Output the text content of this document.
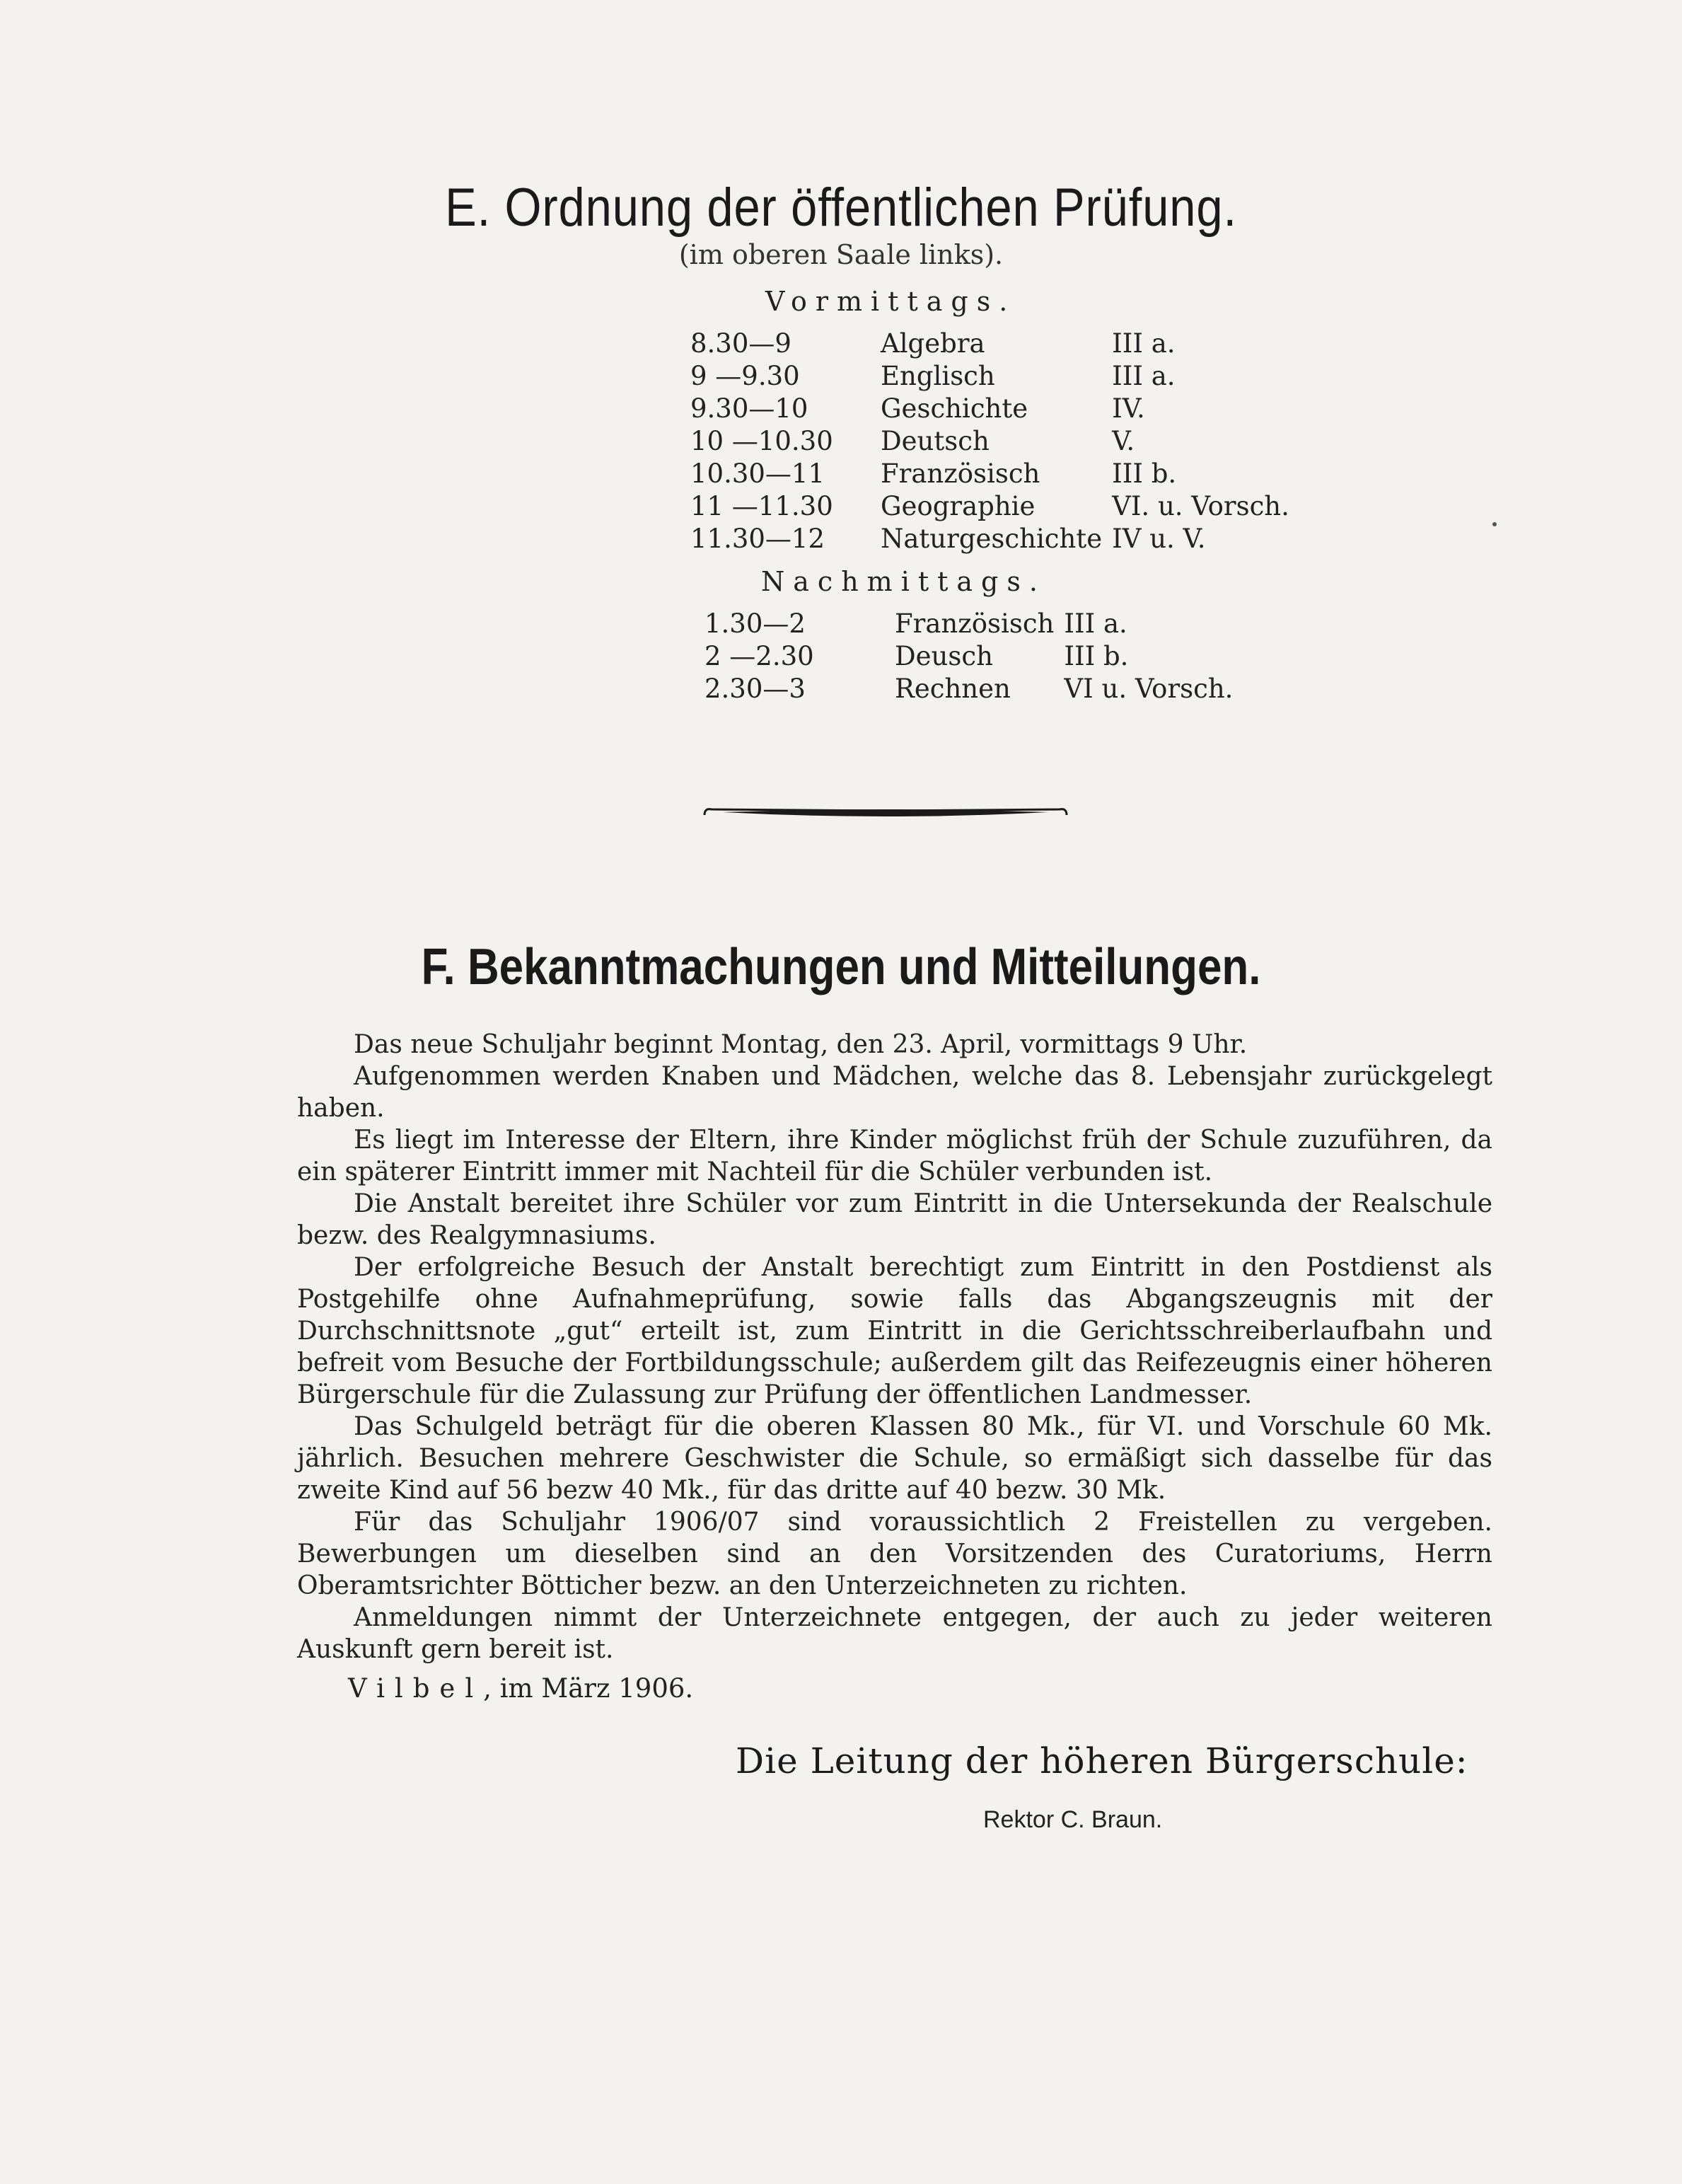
E. Ordnung der öffentlichen Prüfung.
(im oberen Saale links).
Vormittags.
8.30—9	Algebra	III a.
9 —9.30	Englisch	III a.
9.30—10	Geschichte	IV.
10 —10.30	Deutsch	V.
10.30—11	Französisch	III b.
11 —11.30	Geographie	VI. u. Vorsch.
11.30—12	Naturgeschichte	IV u. V.
Nachmittags.
1.30—2	Französisch	III a.
2 —2.30	Deusch	III b.
2.30—3	Rechnen	VI u. Vorsch.
F. Bekanntmachungen und Mitteilungen.

Das neue Schuljahr beginnt Montag, den 23. April, vormittags 9 Uhr.

Aufgenommen werden Knaben und Mädchen, welche das 8. Lebensjahr zurückgelegt haben.

Es liegt im Interesse der Eltern, ihre Kinder möglichst früh der Schule zuzuführen, da ein späterer Eintritt immer mit Nachteil für die Schüler verbunden ist.

Die Anstalt bereitet ihre Schüler vor zum Eintritt in die Untersekunda der Realschule bezw. des Realgymnasiums.

Der erfolgreiche Besuch der Anstalt berechtigt zum Eintritt in den Postdienst als Postgehilfe ohne Aufnahmeprüfung, sowie falls das Abgangszeugnis mit der Durchschnittsnote „gut“ erteilt ist, zum Eintritt in die Gerichtsschreiberlaufbahn und befreit vom Besuche der Fortbildungsschule; außerdem gilt das Reifezeugnis einer höheren Bürgerschule für die Zulassung zur Prüfung der öffentlichen Landmesser.

Das Schulgeld beträgt für die oberen Klassen 80 Mk., für VI. und Vorschule 60 Mk. jährlich. Besuchen mehrere Geschwister die Schule, so ermäßigt sich dasselbe für das zweite Kind auf 56 bezw 40 Mk., für das dritte auf 40 bezw. 30 Mk.

Für das Schuljahr 1906/07 sind voraussichtlich 2 Freistellen zu vergeben. Bewerbungen um dieselben sind an den Vorsitzenden des Curatoriums, Herrn Oberamtsrichter Bötticher bezw. an den Unterzeichneten zu richten.

Anmeldungen nimmt der Unterzeichnete entgegen, der auch zu jeder weiteren Auskunft gern bereit ist.

Vilbel, im März 1906.
Die Leitung der höheren Bürgerschule:
Rektor C. Braun.
